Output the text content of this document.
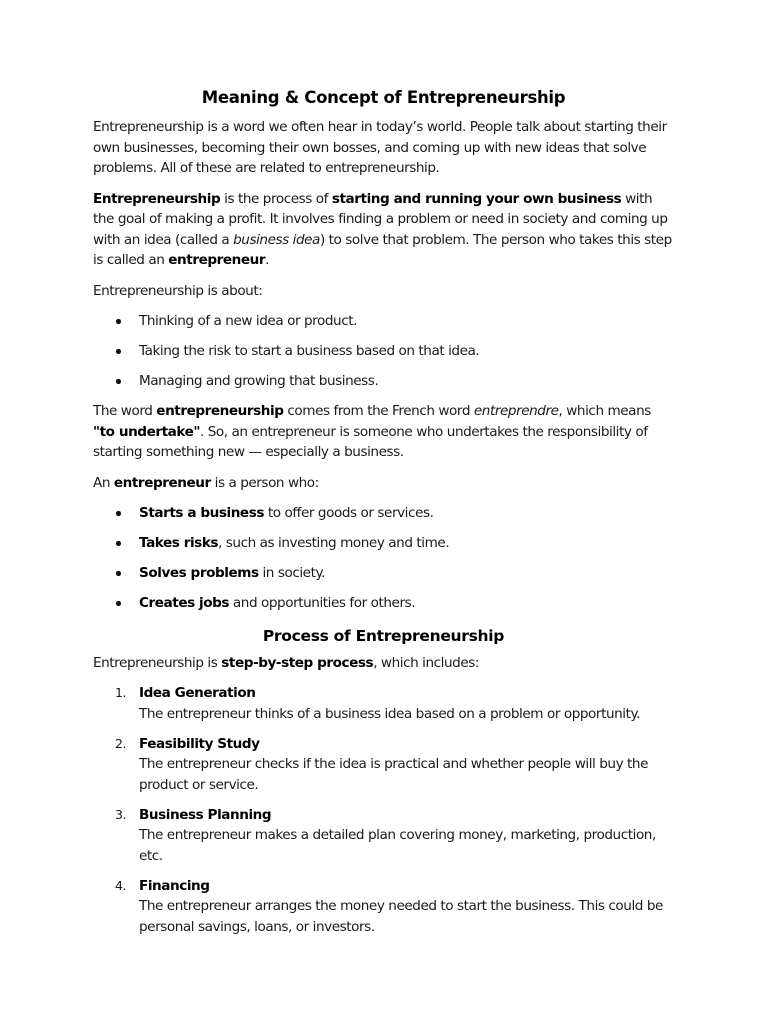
Meaning & Concept of Entrepreneurship

Entrepreneurship is a word we often hear in today’s world. People talk about starting their own businesses, becoming their own bosses, and coming up with new ideas that solve problems. All of these are related to entrepreneurship.

Entrepreneurship is the process of starting and running your own business with the goal of making a profit. It involves finding a problem or need in society and coming up with an idea (called a business idea) to solve that problem. The person who takes this step is called an entrepreneur.

Entrepreneurship is about:

Thinking of a new idea or product.
Taking the risk to start a business based on that idea.
Managing and growing that business.

The word entrepreneurship comes from the French word entreprendre, which means "to undertake". So, an entrepreneur is someone who undertakes the responsibility of starting something new — especially a business.

An entrepreneur is a person who:

Starts a business to offer goods or services.
Takes risks, such as investing money and time.
Solves problems in society.
Creates jobs and opportunities for others.
Process of Entrepreneurship

Entrepreneurship is step-by-step process, which includes:

1. Idea Generation
The entrepreneur thinks of a business idea based on a problem or opportunity.
2. Feasibility Study
The entrepreneur checks if the idea is practical and whether people will buy the product or service.
3. Business Planning
The entrepreneur makes a detailed plan covering money, marketing, production, etc.
4. Financing
The entrepreneur arranges the money needed to start the business. This could be personal savings, loans, or investors.
